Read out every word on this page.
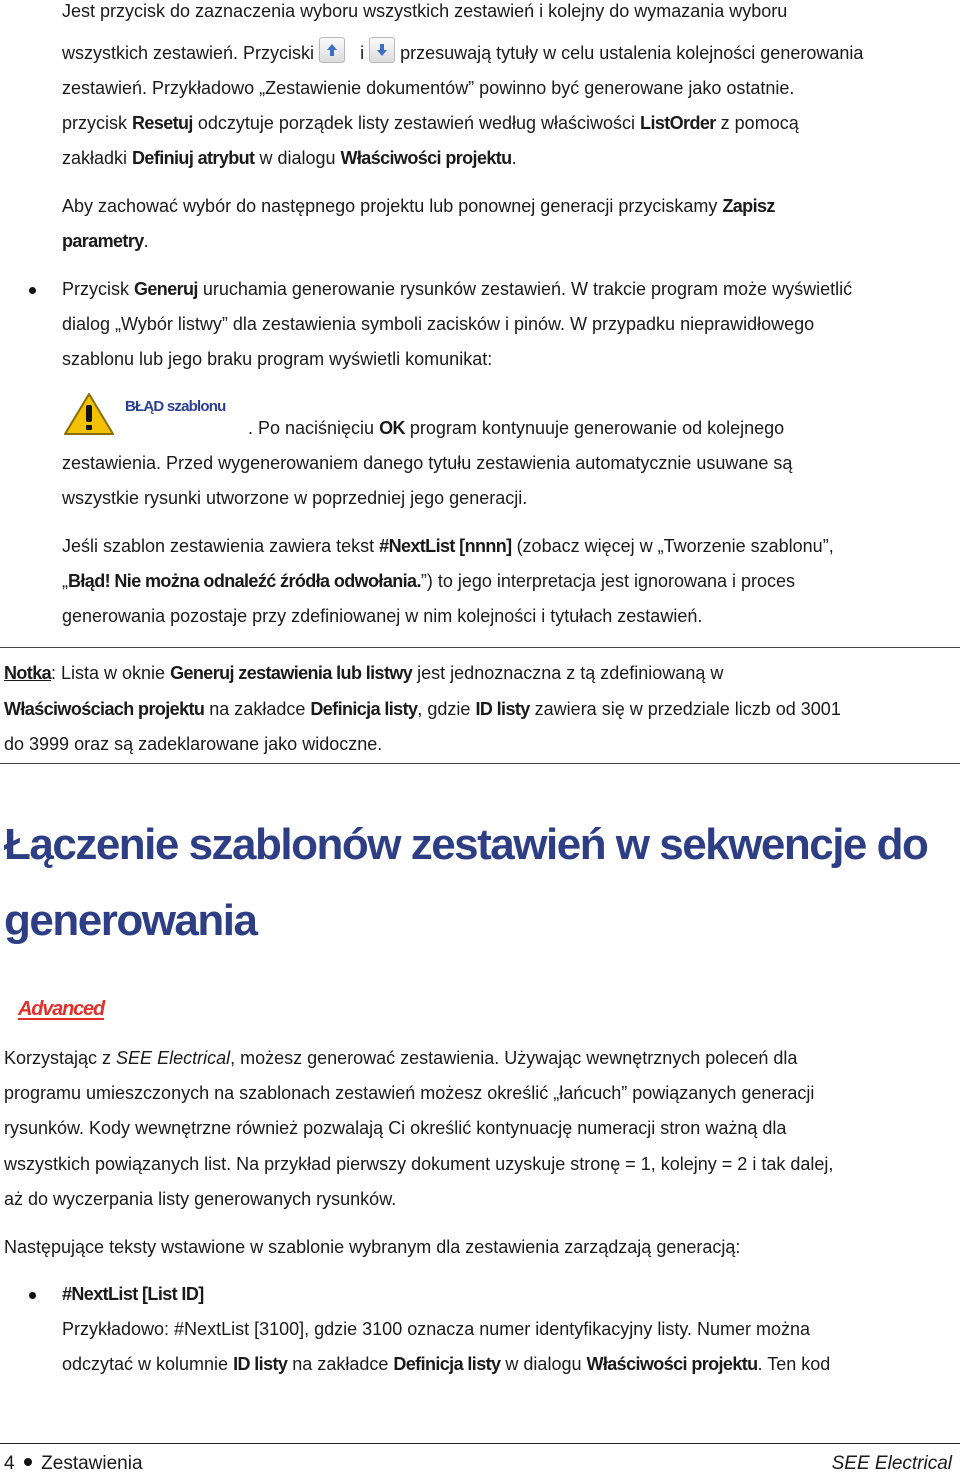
Jest przycisk do zaznaczenia wyboru wszystkich zestawień i kolejny do wymazania wyboru

wszystkich zestawień. Przyciski	i przesuwają tytuły w celu ustalenia kolejności generowania

zestawień. Przykładowo „Zestawienie dokumentów” powinno być generowane jako ostatnie.

przycisk Resetuj odczytuje porządek listy zestawień według właściwości ListOrder z pomocą

zakładki Definiuj atrybut w dialogu Właściwości projektu.

Aby zachować wybór do następnego projektu lub ponownej generacji przyciskamy Zapisz

parametry.

Przycisk Generuj uruchamia generowanie rysunków zestawień. W trakcie program może wyświetlić

dialog „Wybór listwy” dla zestawienia symboli zacisków i pinów. W przypadku nieprawidłowego

szablonu lub jego braku program wyświetli komunikat:

BŁĄD szablonu

. Po naciśnięciu OK program kontynuuje generowanie od kolejnego

zestawienia. Przed wygenerowaniem danego tytułu zestawienia automatycznie usuwane są

wszystkie rysunki utworzone w poprzedniej jego generacji.

Jeśli szablon zestawienia zawiera tekst #NextList [nnnn] (zobacz więcej w „Tworzenie szablonu”,

„Błąd! Nie można odnaleźć źródła odwołania.”) to jego interpretacja jest ignorowana i proces

generowania pozostaje przy zdefiniowanej w nim kolejności i tytułach zestawień.

Notka: Lista w oknie Generuj zestawienia lub listwy jest jednoznaczna z tą zdefiniowaną w

Właściwościach projektu na zakładce Definicja listy, gdzie ID listy zawiera się w przedziale liczb od 3001

do 3999 oraz są zadeklarowane jako widoczne.

Łączenie szablonów zestawień w sekwencje do
generowania
Advanced

Korzystając z SEE Electrical, możesz generować zestawienia. Używając wewnętrznych poleceń dla

programu umieszczonych na szablonach zestawień możesz określić „łańcuch” powiązanych generacji

rysunków. Kody wewnętrzne również pozwalają Ci określić kontynuację numeracji stron ważną dla

wszystkich powiązanych list. Na przykład pierwszy dokument uzyskuje stronę = 1, kolejny = 2 i tak dalej,

aż do wyczerpania listy generowanych rysunków.

Następujące teksty wstawione w szablonie wybranym dla zestawienia zarządzają generacją:

#NextList [List ID]

Przykładowo: #NextList [3100], gdzie 3100 oznacza numer identyfikacyjny listy. Numer można

odczytać w kolumnie ID listy na zakładce Definicja listy w dialogu Właściwości projektu. Ten kod

4 Zestawienia	SEE Electrical
